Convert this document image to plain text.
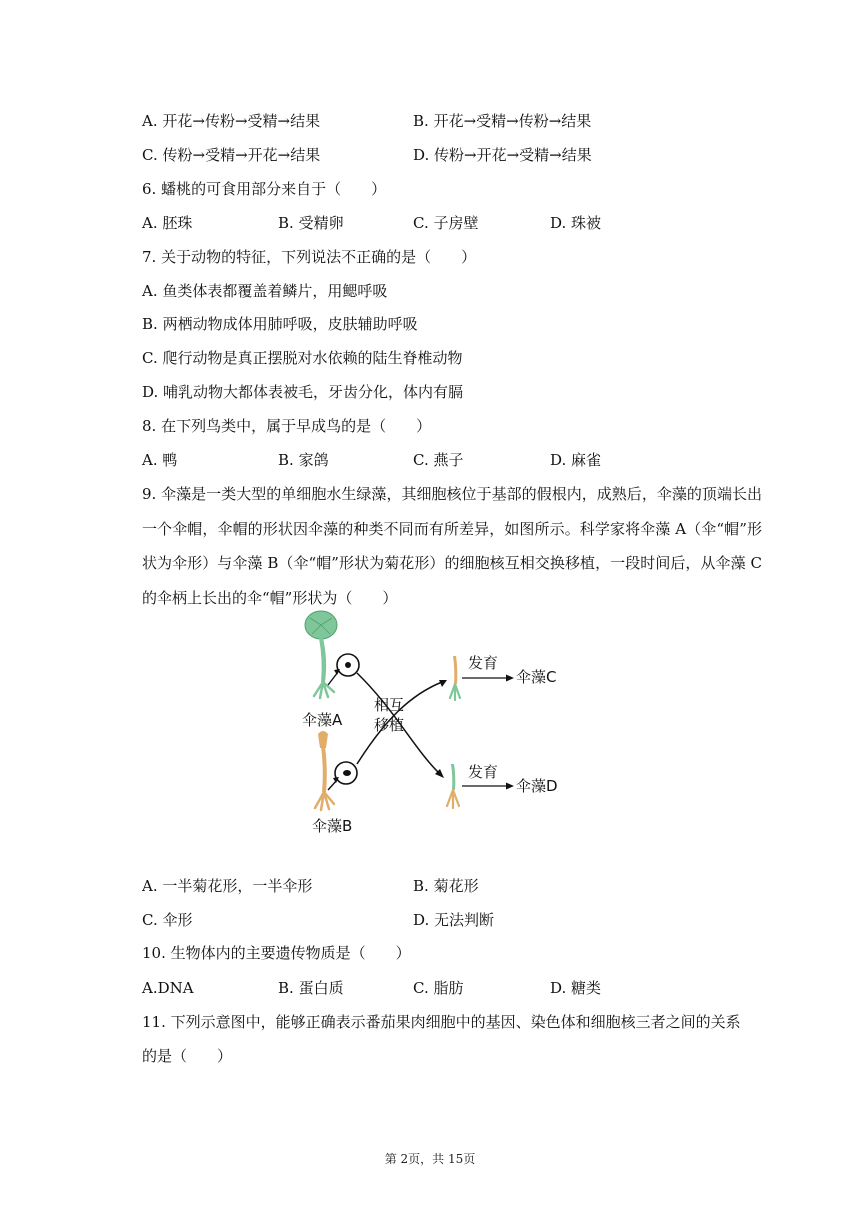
A. 开花→传粉→受精→结果	B. 开花→受精→传粉→结果
C. 传粉→受精→开花→结果	D. 传粉→开花→受精→结果
6. 蟠桃的可食用部分来自于（　　）
A. 胚珠	B. 受精卵	C. 子房壁	D. 珠被
7. 关于动物的特征，下列说法不正确的是（　　）
A. 鱼类体表都覆盖着鳞片，用鳃呼吸
B. 两栖动物成体用肺呼吸，皮肤辅助呼吸
C. 爬行动物是真正摆脱对水依赖的陆生脊椎动物
D. 哺乳动物大都体表被毛，牙齿分化，体内有膈
8. 在下列鸟类中，属于早成鸟的是（　　）
A. 鸭	B. 家鸽	C. 燕子	D. 麻雀
9. 伞藻是一类大型的单细胞水生绿藻，其细胞核位于基部的假根内，成熟后，伞藻的顶端长出一个伞帽，伞帽的形状因伞藻的种类不同而有所差异，如图所示。科学家将伞藻 A（伞“帽”形状为伞形）与伞藻 B（伞“帽”形状为菊花形）的细胞核互相交换移植，一段时间后，从伞藻 C 的伞柄上长出的伞“帽”形状为（　　）
伞藻A
伞藻B
伞藻C
伞藻D
发育
发育
相互
移植
A. 一半菊花形，一半伞形	B. 菊花形
C. 伞形	D. 无法判断
10. 生物体内的主要遗传物质是（　　）
A.DNA	B. 蛋白质	C. 脂肪	D. 糖类
11. 下列示意图中，能够正确表示番茄果肉细胞中的基因、染色体和细胞核三者之间的关系
的是（　　）
第 2页，共 15页
